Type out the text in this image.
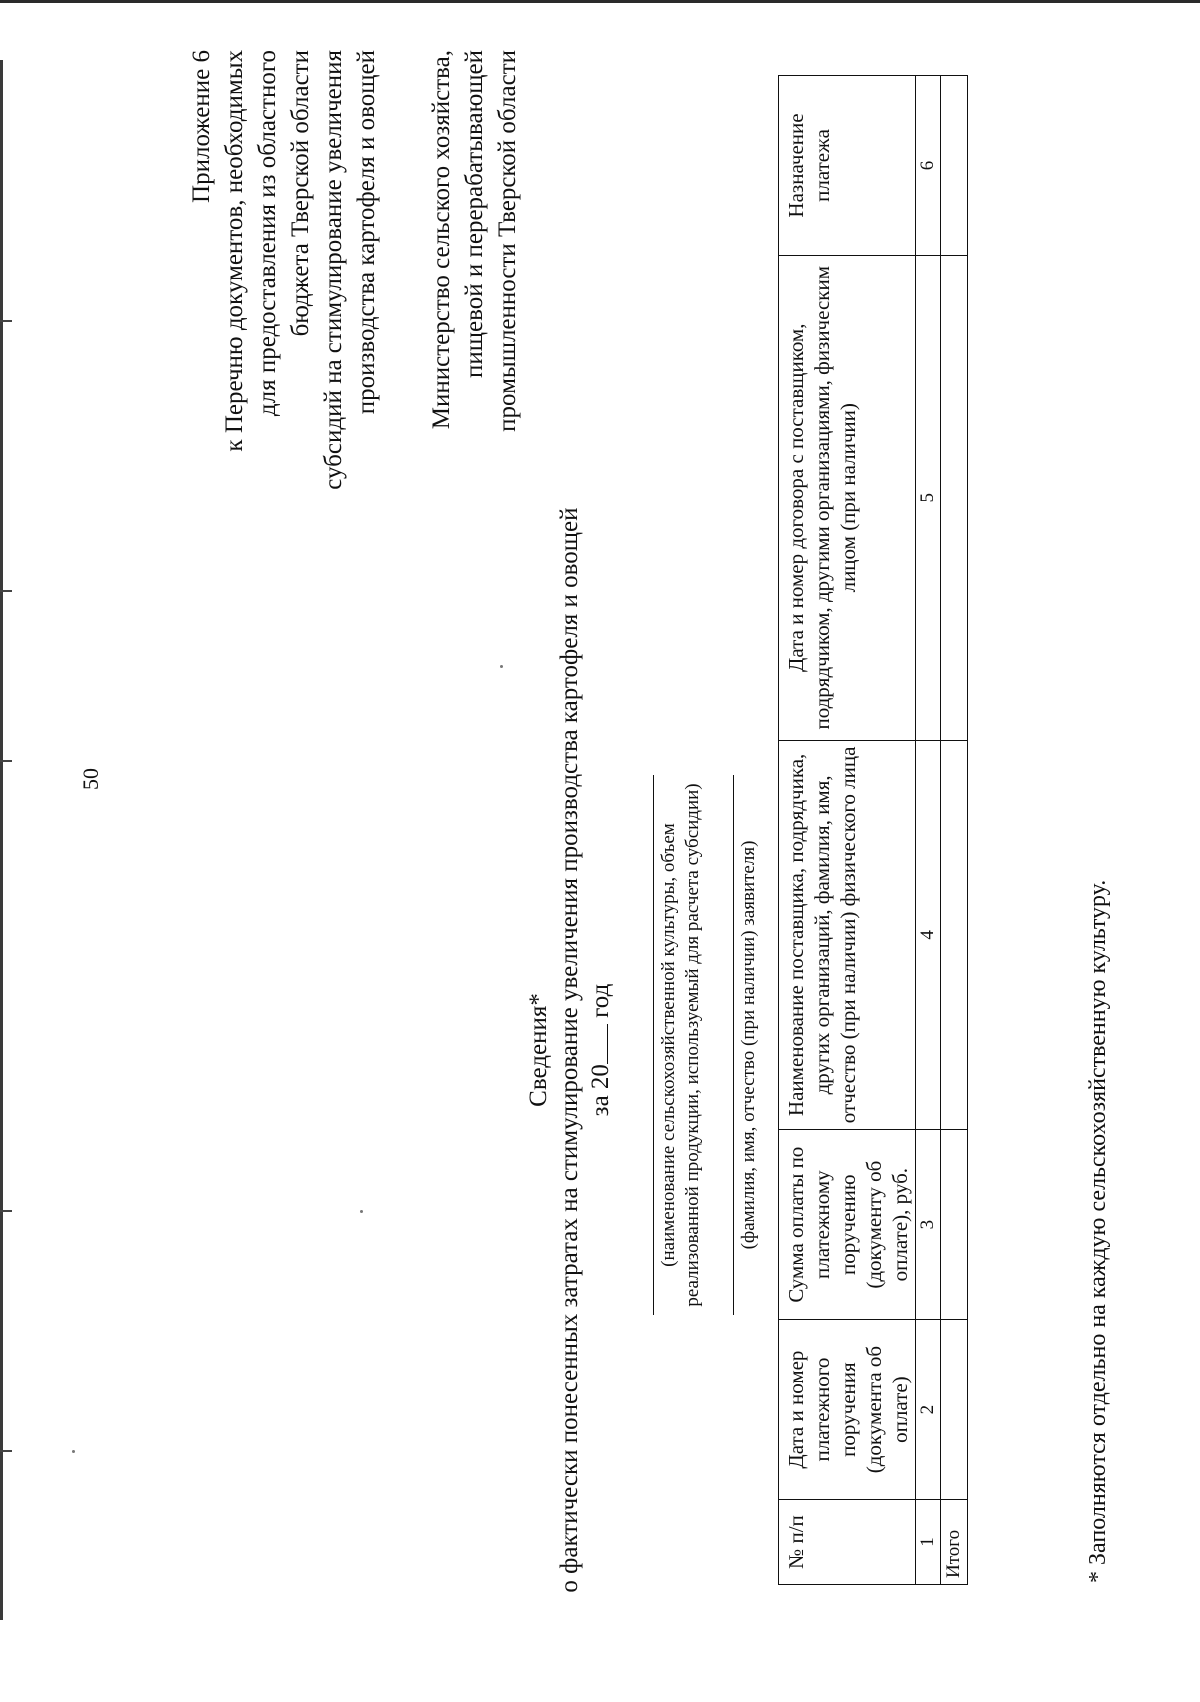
50
Приложение 6
к Перечню документов, необходимых
для предоставления из областного
бюджета Тверской области
субсидий на стимулирование увеличения
производства картофеля и овощей
Министерство сельского хозяйства,
пищевой и перерабатывающей
промышленности Тверской области
Сведения* о фактически понесенных затратах на стимулирование увеличения производства картофеля и овощей за 20 год (наименование сельскохозяйственной культуры, объем реализованной продукции, используемый для расчета субсидии) (фамилия, имя, отчество (при наличии) заявителя)
№ п/п	Дата и номер платежного поручения (документа об оплате)	Сумма оплаты по платежному поручению (документу об оплате), руб.	Наименование поставщика, подрядчика, других организаций, фамилия, имя, отчество (при наличии) физического лица	Дата и номер договора с поставщиком, подрядчиком, другими организациями, физическим лицом (при наличии)	Назначение платежа
1	2	3	4	5	6
Итого						* Заполняются отдельно на каждую сельскохозяйственную культуру.
